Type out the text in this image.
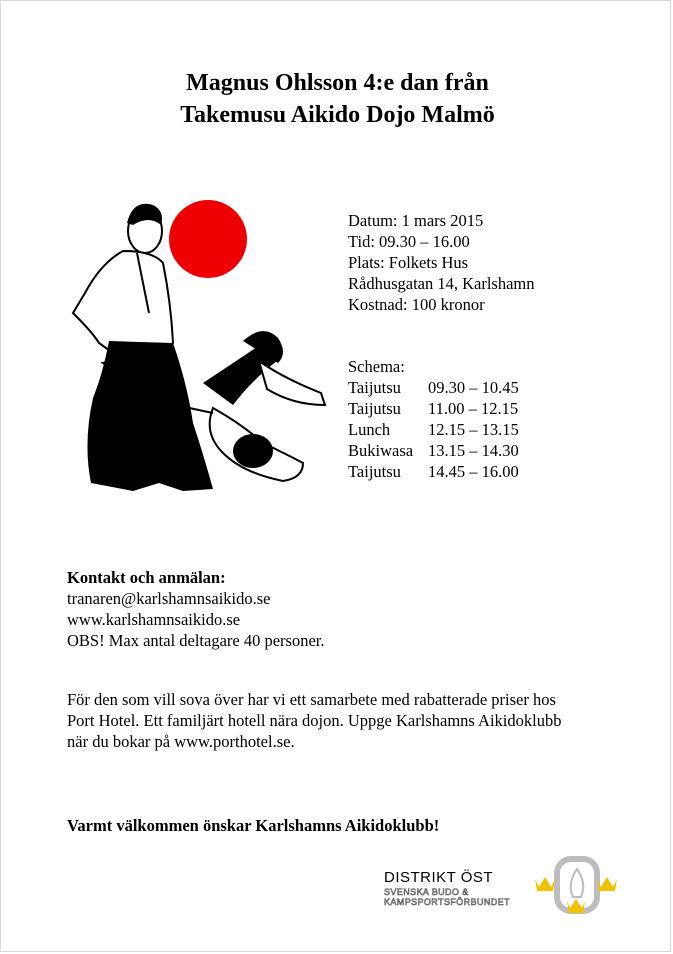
Magnus Ohlsson 4:e dan från
Takemusu Aikido Dojo Malmö
Datum: 1 mars 2015
Tid: 09.30 – 16.00
Plats: Folkets Hus
Rådhusgatan 14, Karlshamn
Kostnad: 100 kronor
Schema:
Taijutsu	09.30 – 10.45
Taijutsu	11.00 – 12.15
Lunch	12.15 – 13.15
Bukiwasa 13.15 – 14.30
Taijutsu	14.45 – 16.00
Kontakt och anmälan:
tranaren@karlshamnsaikido.se
www.karlshamnsaikido.se
OBS! Max antal deltagare 40 personer.
För den som vill sova över har vi ett samarbete med rabatterade priser hos
Port Hotel. Ett familjärt hotell nära dojon. Uppge Karlshamns Aikidoklubb
när du bokar på www.porthotel.se.
Varmt välkommen önskar Karlshamns Aikidoklubb!
DISTRIKT ÖST
SVENSKA BUDO &
KAMPSPORTSFÖRBUNDET
